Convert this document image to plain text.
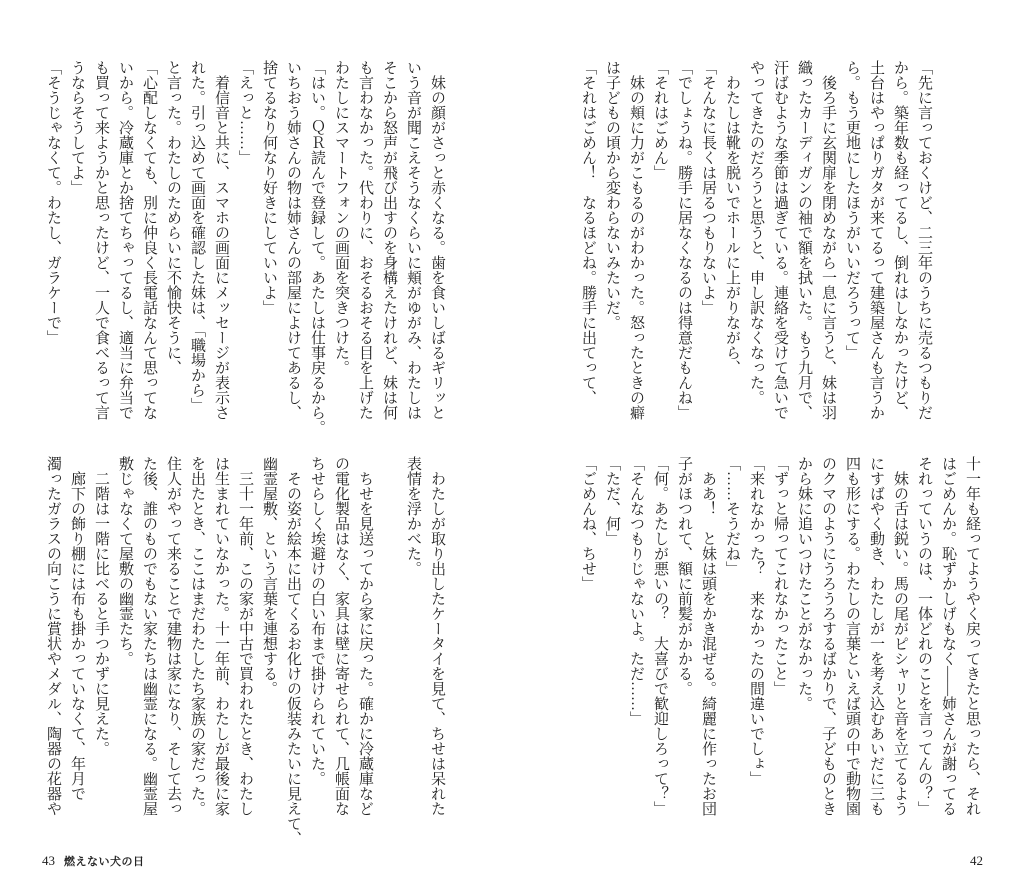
　妹の顔がさっと赤くなる。歯を食いしばるギリッと
いう音が聞こえそうなくらいに頬がゆがみ、わたしは
そこから怒声が飛び出すのを身構えたけれど、妹は何
も言わなかった。代わりに、おそるおそる目を上げた
わたしにスマートフォンの画面を突きつけた。
「はい。ＱＲ読んで登録して。あたしは仕事戻るから。
いちおう姉さんの物は姉さんの部屋によけてあるし、
捨てるなり何なり好きにしていいよ」
「えっと……」
　着信音と共に、スマホの画面にメッセージが表示さ
れた。引っ込めて画面を確認した妹は、「職場から」
と言った。わたしのためらいに不愉快そうに、
「心配しなくても、別に仲良く長電話なんて思ってな
いから。冷蔵庫とか捨てちゃってるし、適当に弁当で
も買って来ようかと思ったけど、一人で食べるって言
うならそうしてよ」
「そうじゃなくて。わたし、ガラケーで」
　わたしが取り出したケータイを見て、ちせは呆れた
表情を浮かべた。
　ちせを見送ってから家に戻った。確かに冷蔵庫など
の電化製品はなく、家具は壁に寄せられて、几帳面な
ちせらしく埃避けの白い布まで掛けられていた。
　その姿が絵本に出てくるお化けの仮装みたいに見えて、
幽霊屋敷、という言葉を連想する。
　三十一年前、この家が中古で買われたとき、わたし
は生まれていなかった。十一年前、わたしが最後に家
を出たとき、ここはまだわたしたち家族の家だった。
住人がやって来ることで建物は家になり、そして去っ
た後、誰のものでもない家たちは幽霊になる。幽霊屋
敷じゃなくて屋敷の幽霊たち。
　二階は一階に比べると手つかずに見えた。
　廊下の飾り棚には布も掛かっていなくて、年月で
濁ったガラスの向こうに賞状やメダル、陶器の花器や
43 燃えない犬の日
「先に言っておくけど、二三年のうちに売るつもりだ
から。築年数も経ってるし、倒れはしなかったけど、
土台はやっぱりガタが来てるって建築屋さんも言うか
ら。もう更地にしたほうがいいだろうって」
　後ろ手に玄関扉を閉めながら一息に言うと、妹は羽
織ったカーディガンの袖で額を拭いた。もう九月で、
汗ばむような季節は過ぎている。連絡を受けて急いで
やってきたのだろうと思うと、申し訳なくなった。
　わたしは靴を脱いでホールに上がりながら、
「そんなに長くは居るつもりないよ」
「でしょうね。勝手に居なくなるのは得意だもんね」
「それはごめん」
　妹の頬に力がこもるのがわかった。怒ったときの癖
は子どもの頃から変わらないみたいだ。
「それはごめん！　なるほどね。勝手に出てって、
十一年も経ってようやく戻ってきたと思ったら、それ
はごめんか。恥ずかしげもなく――姉さんが謝ってる
それっていうのは、一体どれのことを言ってんの？」
　妹の舌は鋭い。馬の尾がピシャリと音を立てるよう
にすばやく動き、わたしが一を考え込むあいだに三も
四も形にする。わたしの言葉といえば頭の中で動物園
のクマのようにうろうろするばかりで、子どものとき
から妹に追いつけたことがなかった。
「ずっと帰ってこれなかったこと」
「来れなかった？　来なかったの間違いでしょ」
「……そうだね」
　ああ！　と妹は頭をかき混ぜる。綺麗に作ったお団
子がほつれて、額に前髪がかかる。
「何。あたしが悪いの？　大喜びで歓迎しろって？」
「そんなつもりじゃないよ。ただ……」
「ただ、何」
「ごめんね、ちせ」
42
